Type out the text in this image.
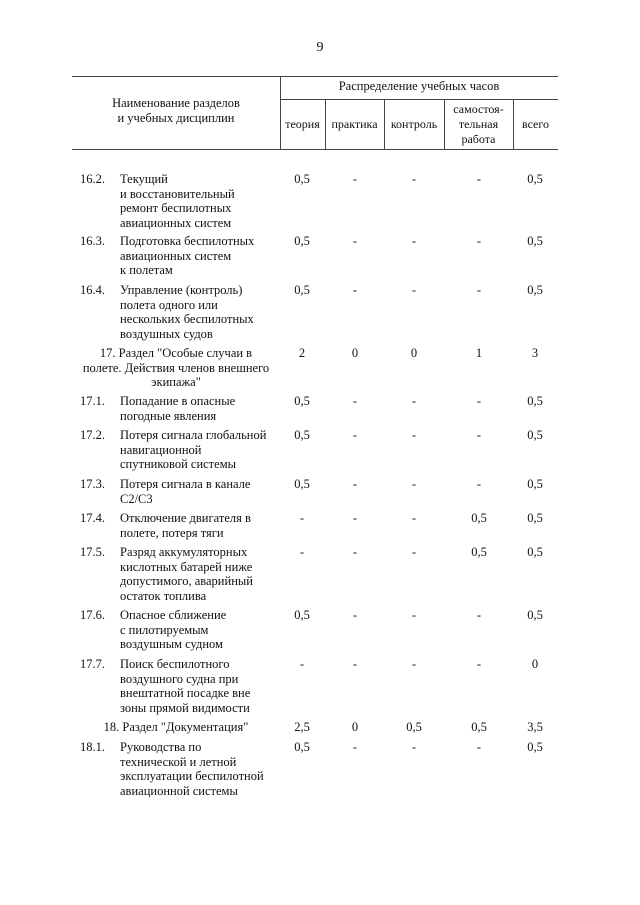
9
Наименование разделов
и учебных дисциплин
Распределение учебных часов
теория практика контроль
самостоя-
тельная
работа
всего
16.2. Текущий
и восстановительный
ремонт беспилотных
авиационных систем
0,5	-	-	-	0,5
16.3. Подготовка беспилотных
авиационных систем
к полетам
0,5	-	-	-	0,5
16.4. Управление (контроль)
полета одного или
нескольких беспилотных
воздушных судов
0,5	-	-	-	0,5
17. Раздел "Особые случаи в
полете. Действия членов внешнего
экипажа"
2	0	0	1	3
17.1. Попадание в опасные
погодные явления
0,5	-	-	-	0,5
17.2. Потеря сигнала глобальной
навигационной
спутниковой системы
0,5	-	-	-	0,5
17.3. Потеря сигнала в канале
С2/С3
0,5	-	-	-	0,5
17.4. Отключение двигателя в
полете, потеря тяги
-	-	-	0,5	0,5
17.5. Разряд аккумуляторных
кислотных батарей ниже
допустимого, аварийный
остаток топлива
-	-	-	0,5	0,5
17.6. Опасное сближение
с пилотируемым
воздушным судном
0,5	-	-	-	0,5
17.7. Поиск беспилотного
воздушного судна при
внештатной посадке вне
зоны прямой видимости
-	-	-	-	0
18. Раздел "Документация"	2,5	0	0,5	0,5	3,5
18.1. Руководства по
технической и летной
эксплуатации беспилотной
авиационной системы
0,5	-	-	-	0,5
